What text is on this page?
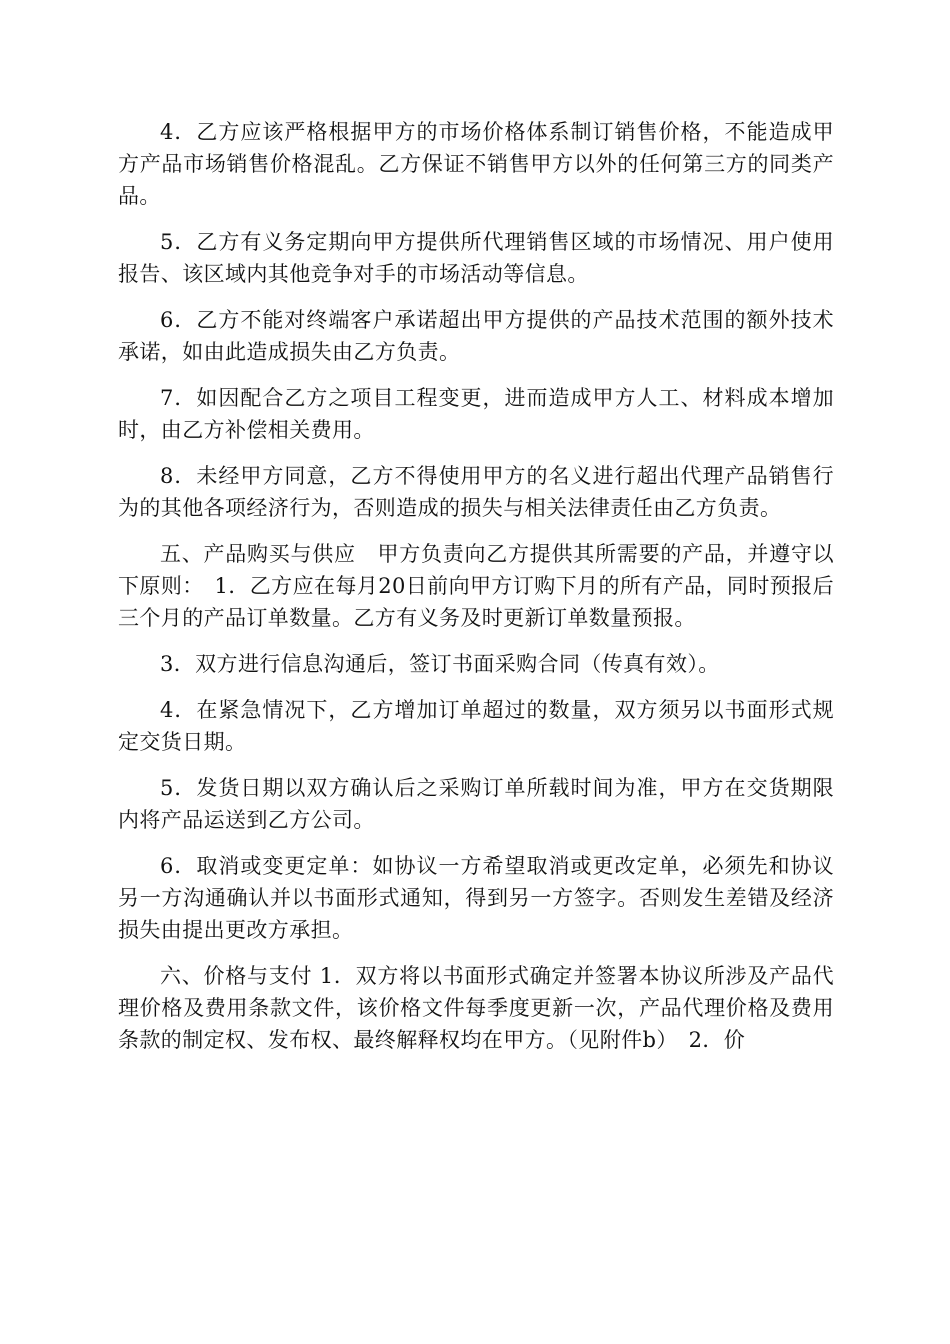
4．乙方应该严格根据甲方的市场价格体系制订销售价格，不能造成甲方产品市场销售价格混乱。乙方保证不销售甲方以外的任何第三方的同类产品。

5．乙方有义务定期向甲方提供所代理销售区域的市场情况、用户使用报告、该区域内其他竞争对手的市场活动等信息。

6．乙方不能对终端客户承诺超出甲方提供的产品技术范围的额外技术承诺，如由此造成损失由乙方负责。

7．如因配合乙方之项目工程变更，进而造成甲方人工、材料成本增加时，由乙方补偿相关费用。

8．未经甲方同意，乙方不得使用甲方的名义进行超出代理产品销售行为的其他各项经济行为，否则造成的损失与相关法律责任由乙方负责。

五、产品购买与供应　甲方负责向乙方提供其所需要的产品，并遵守以下原则：　1．乙方应在每月20日前向甲方订购下月的所有产品，同时预报后三个月的产品订单数量。乙方有义务及时更新订单数量预报。

3．双方进行信息沟通后，签订书面采购合同（传真有效）。

4．在紧急情况下，乙方增加订单超过的数量，双方须另以书面形式规定交货日期。

5．发货日期以双方确认后之采购订单所载时间为准，甲方在交货期限内将产品运送到乙方公司。

6．取消或变更定单：如协议一方希望取消或更改定单，必须先和协议另一方沟通确认并以书面形式通知，得到另一方签字。否则发生差错及经济损失由提出更改方承担。

六、价格与支付 1．双方将以书面形式确定并签署本协议所涉及产品代理价格及费用条款文件，该价格文件每季度更新一次，产品代理价格及费用条款的制定权、发布权、最终解释权均在甲方。（见附件b）　2．价
